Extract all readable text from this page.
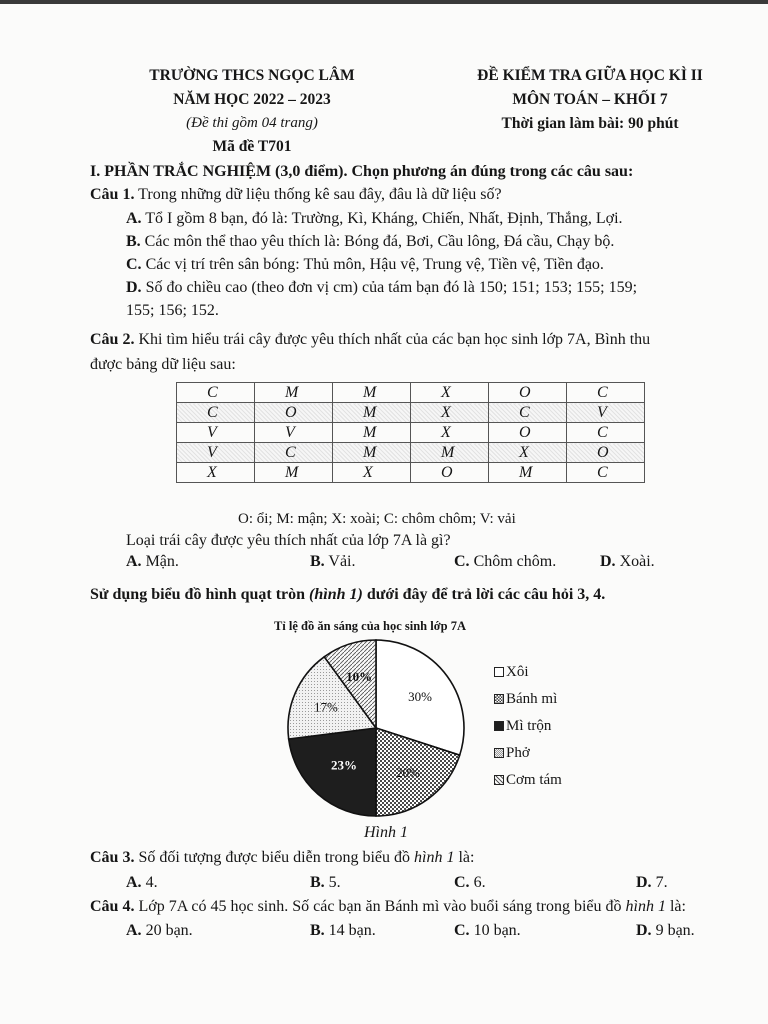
TRƯỜNG THCS NGỌC LÂM
NĂM HỌC 2022 – 2023
(Đề thi gồm 04 trang)
Mã đề T701
ĐỀ KIỂM TRA GIỮA HỌC KÌ II
MÔN TOÁN – KHỐI 7
Thời gian làm bài: 90 phút
I. PHẦN TRẮC NGHIỆM (3,0 điểm). Chọn phương án đúng trong các câu sau:
Câu 1. Trong những dữ liệu thống kê sau đây, đâu là dữ liệu số?
A. Tổ I gồm 8 bạn, đó là: Trường, Kì, Kháng, Chiến, Nhất, Định, Thắng, Lợi.
B. Các môn thể thao yêu thích là: Bóng đá, Bơi, Cầu lông, Đá cầu, Chạy bộ.
C. Các vị trí trên sân bóng: Thủ môn, Hậu vệ, Trung vệ, Tiền vệ, Tiền đạo.
D. Số đo chiều cao (theo đơn vị cm) của tám bạn đó là 150; 151; 153; 155; 159;
155; 156; 152.
Câu 2. Khi tìm hiểu trái cây được yêu thích nhất của các bạn học sinh lớp 7A, Bình thu
được bảng dữ liệu sau:
C	M	M	X	O	C
C	O	M	X	C	V
V	V	M	X	O	C
V	C	M	M	X	O
X	M	X	O	M	C
O: ổi; M: mận; X: xoài; C: chôm chôm; V: vải
Loại trái cây được yêu thích nhất của lớp 7A là gì?
A. Mận.	B. Vải.	C. Chôm chôm.	D. Xoài.
Sử dụng biểu đồ hình quạt tròn (hình 1) dưới đây để trả lời các câu hỏi 3, 4.
Tỉ lệ đồ ăn sáng của học sinh lớp 7A
30%
20%
23%
17%
10%	Xôi
Bánh mì
Mì trộn
Phở
Cơm tám
Hình 1
Câu 3. Số đối tượng được biểu diễn trong biểu đồ hình 1 là:
A. 4.	B. 5.	C. 6.	D. 7.
Câu 4. Lớp 7A có 45 học sinh. Số các bạn ăn Bánh mì vào buổi sáng trong biểu đồ hình 1 là:
A. 20 bạn.	B. 14 bạn.	C. 10 bạn.	D. 9 bạn.
